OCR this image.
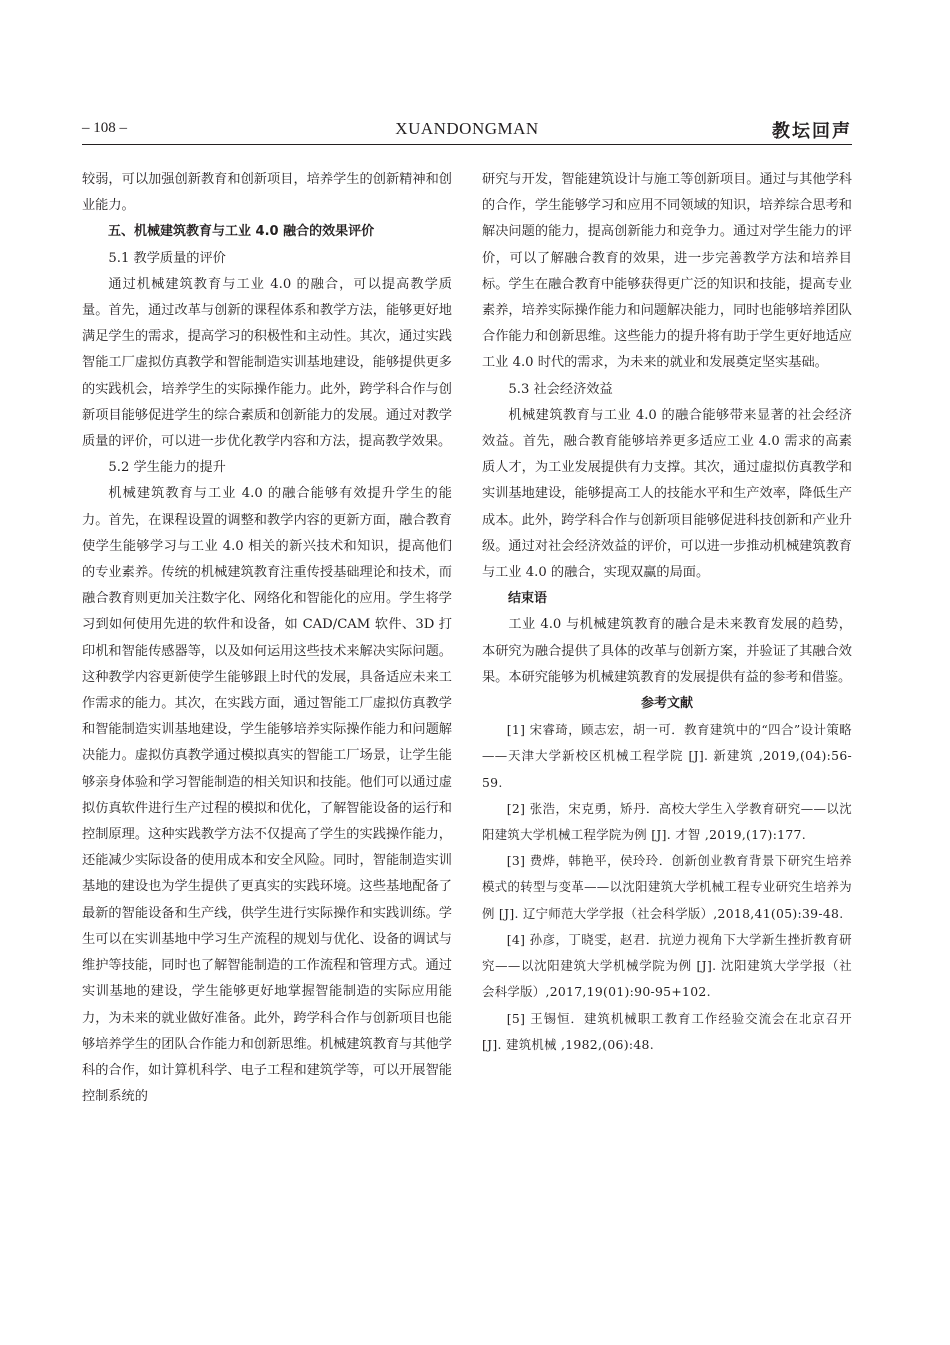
– 108 –	XUANDONGMAN	教坛回声

较弱，可以加强创新教育和创新项目，培养学生的创新精神和创业能力。

五、机械建筑教育与工业 4.0 融合的效果评价

5.1 教学质量的评价

通过机械建筑教育与工业 4.0 的融合，可以提高教学质量。首先，通过改革与创新的课程体系和教学方法，能够更好地满足学生的需求，提高学习的积极性和主动性。其次，通过实践智能工厂虚拟仿真教学和智能制造实训基地建设，能够提供更多的实践机会，培养学生的实际操作能力。此外，跨学科合作与创新项目能够促进学生的综合素质和创新能力的发展。通过对教学质量的评价，可以进一步优化教学内容和方法，提高教学效果。

5.2 学生能力的提升

机械建筑教育与工业 4.0 的融合能够有效提升学生的能力。首先，在课程设置的调整和教学内容的更新方面，融合教育使学生能够学习与工业 4.0 相关的新兴技术和知识，提高他们的专业素养。传统的机械建筑教育注重传授基础理论和技术，而融合教育则更加关注数字化、网络化和智能化的应用。学生将学习到如何使用先进的软件和设备，如 CAD/CAM 软件、3D 打印机和智能传感器等，以及如何运用这些技术来解决实际问题。这种教学内容更新使学生能够跟上时代的发展，具备适应未来工作需求的能力。其次，在实践方面，通过智能工厂虚拟仿真教学和智能制造实训基地建设，学生能够培养实际操作能力和问题解决能力。虚拟仿真教学通过模拟真实的智能工厂场景，让学生能够亲身体验和学习智能制造的相关知识和技能。他们可以通过虚拟仿真软件进行生产过程的模拟和优化，了解智能设备的运行和控制原理。这种实践教学方法不仅提高了学生的实践操作能力，还能减少实际设备的使用成本和安全风险。同时，智能制造实训基地的建设也为学生提供了更真实的实践环境。这些基地配备了最新的智能设备和生产线，供学生进行实际操作和实践训练。学生可以在实训基地中学习生产流程的规划与优化、设备的调试与维护等技能，同时也了解智能制造的工作流程和管理方式。通过实训基地的建设，学生能够更好地掌握智能制造的实际应用能力，为未来的就业做好准备。此外，跨学科合作与创新项目也能够培养学生的团队合作能力和创新思维。机械建筑教育与其他学科的合作，如计算机科学、电子工程和建筑学等，可以开展智能控制系统的

研究与开发，智能建筑设计与施工等创新项目。通过与其他学科的合作，学生能够学习和应用不同领域的知识，培养综合思考和解决问题的能力，提高创新能力和竞争力。通过对学生能力的评价，可以了解融合教育的效果，进一步完善教学方法和培养目标。学生在融合教育中能够获得更广泛的知识和技能，提高专业素养，培养实际操作能力和问题解决能力，同时也能够培养团队合作能力和创新思维。这些能力的提升将有助于学生更好地适应工业 4.0 时代的需求，为未来的就业和发展奠定坚实基础。

5.3 社会经济效益

机械建筑教育与工业 4.0 的融合能够带来显著的社会经济效益。首先，融合教育能够培养更多适应工业 4.0 需求的高素质人才，为工业发展提供有力支撑。其次，通过虚拟仿真教学和实训基地建设，能够提高工人的技能水平和生产效率，降低生产成本。此外，跨学科合作与创新项目能够促进科技创新和产业升级。通过对社会经济效益的评价，可以进一步推动机械建筑教育与工业 4.0 的融合，实现双赢的局面。

结束语

工业 4.0 与机械建筑教育的融合是未来教育发展的趋势，本研究为融合提供了具体的改革与创新方案，并验证了其融合效果。本研究能够为机械建筑教育的发展提供有益的参考和借鉴。

参考文献

[1] 宋睿琦，顾志宏，胡一可．教育建筑中的“四合”设计策略——天津大学新校区机械工程学院 [J]. 新建筑 ,2019,(04):56-59.

[2] 张浩，宋克勇，矫丹．高校大学生入学教育研究——以沈阳建筑大学机械工程学院为例 [J]. 才智 ,2019,(17):177.

[3] 费烨，韩艳平，侯玲玲．创新创业教育背景下研究生培养模式的转型与变革——以沈阳建筑大学机械工程专业研究生培养为例 [J]. 辽宁师范大学学报（社会科学版）,2018,41(05):39-48.

[4] 孙彦，丁晓雯，赵君．抗逆力视角下大学新生挫折教育研究——以沈阳建筑大学机械学院为例 [J]. 沈阳建筑大学学报（社会科学版）,2017,19(01):90-95+102.

[5] 王锡恒．建筑机械职工教育工作经验交流会在北京召开 [J]. 建筑机械 ,1982,(06):48.
